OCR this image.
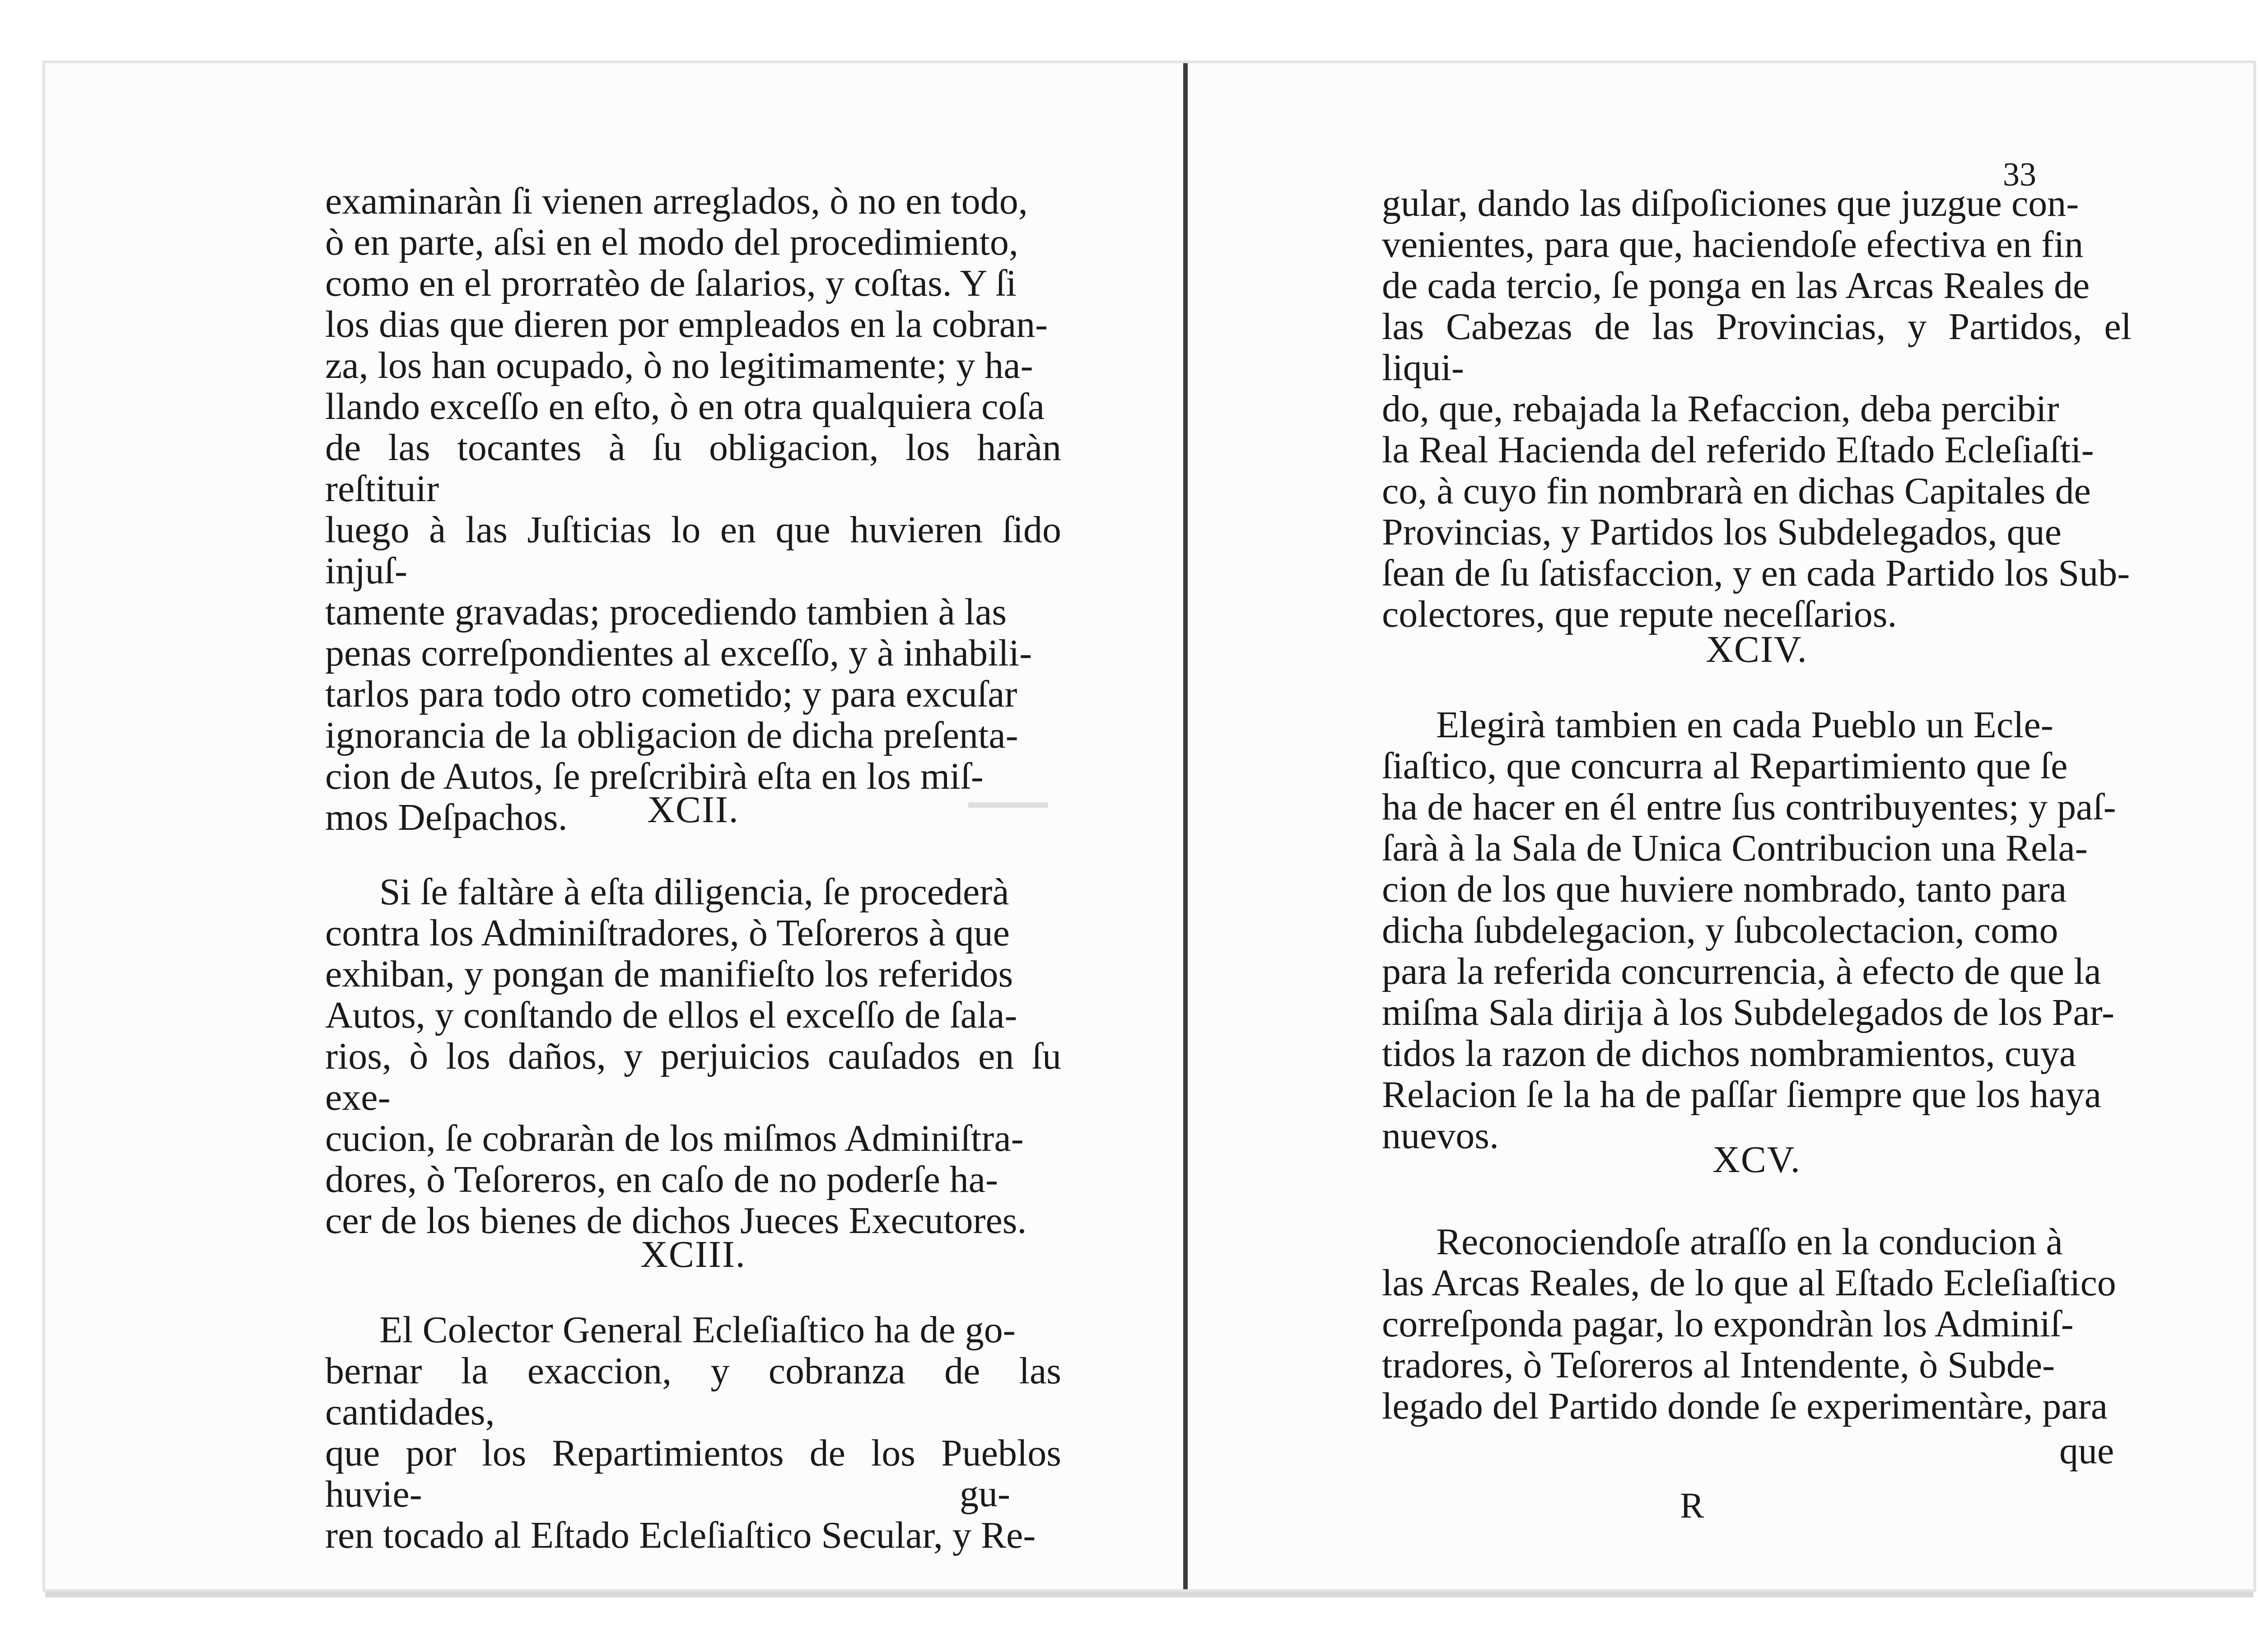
▁▁▁
examinaràn ſi vienen arreglados, ò no en todo,
ò en parte, aſsi en el modo del procedimiento,
como en el prorratèo de ſalarios, y coſtas. Y ſi
los dias que dieren por empleados en la cobran-
za, los han ocupado, ò no legitimamente; y ha-
llando exceſſo en eſto, ò en otra qualquiera coſa
de las tocantes à ſu obligacion, los haràn reſtituir
luego à las Juſticias lo en que huvieren ſido injuſ-
tamente gravadas; procediendo tambien à las
penas correſpondientes al exceſſo, y à inhabili-
tarlos para todo otro cometido; y para excuſar
ignorancia de la obligacion de dicha preſenta-
cion de Autos, ſe preſcribirà eſta en los miſ-
mos Deſpachos.	XCII.
Si ſe faltàre à eſta diligencia, ſe procederà
contra los Adminiſtradores, ò Teſoreros à que
exhiban, y pongan de manifieſto los referidos
Autos, y conſtando de ellos el exceſſo de ſala-
rios, ò los daños, y perjuicios cauſados en ſu exe-
cucion, ſe cobraràn de los miſmos Adminiſtra-
dores, ò Teſoreros, en caſo de no poderſe ha-
cer de los bienes de dichos Jueces Executores.
XCIII.
El Colector General Ecleſiaſtico ha de go-
bernar la exaccion, y cobranza de las cantidades,
que por los Repartimientos de los Pueblos huvie-
ren tocado al Eſtado Ecleſiaſtico Secular, y Re-
gu-
33
gular, dando las diſpoſiciones que juzgue con-
venientes, para que, haciendoſe efectiva en fin
de cada tercio, ſe ponga en las Arcas Reales de
las Cabezas de las Provincias, y Partidos, el liqui-
do, que, rebajada la Refaccion, deba percibir
la Real Hacienda del referido Eſtado Ecleſiaſti-
co, à cuyo fin nombrarà en dichas Capitales de
Provincias, y Partidos los Subdelegados, que
ſean de ſu ſatisfaccion, y en cada Partido los Sub-
colectores, que repute neceſſarios.
XCIV.
Elegirà tambien en cada Pueblo un Ecle-
ſiaſtico, que concurra al Repartimiento que ſe
ha de hacer en él entre ſus contribuyentes; y paſ-
ſarà à la Sala de Unica Contribucion una Rela-
cion de los que huviere nombrado, tanto para
dicha ſubdelegacion, y ſubcolectacion, como
para la referida concurrencia, à efecto de que la
miſma Sala dirija à los Subdelegados de los Par-
tidos la razon de dichos nombramientos, cuya
Relacion ſe la ha de paſſar ſiempre que los haya
nuevos.
XCV.
Reconociendoſe atraſſo en la conducion à
las Arcas Reales, de lo que al Eſtado Ecleſiaſtico
correſponda pagar, lo expondràn los Adminiſ-
tradores, ò Teſoreros al Intendente, ò Subde-
legado del Partido donde ſe experimentàre, para
que
R
